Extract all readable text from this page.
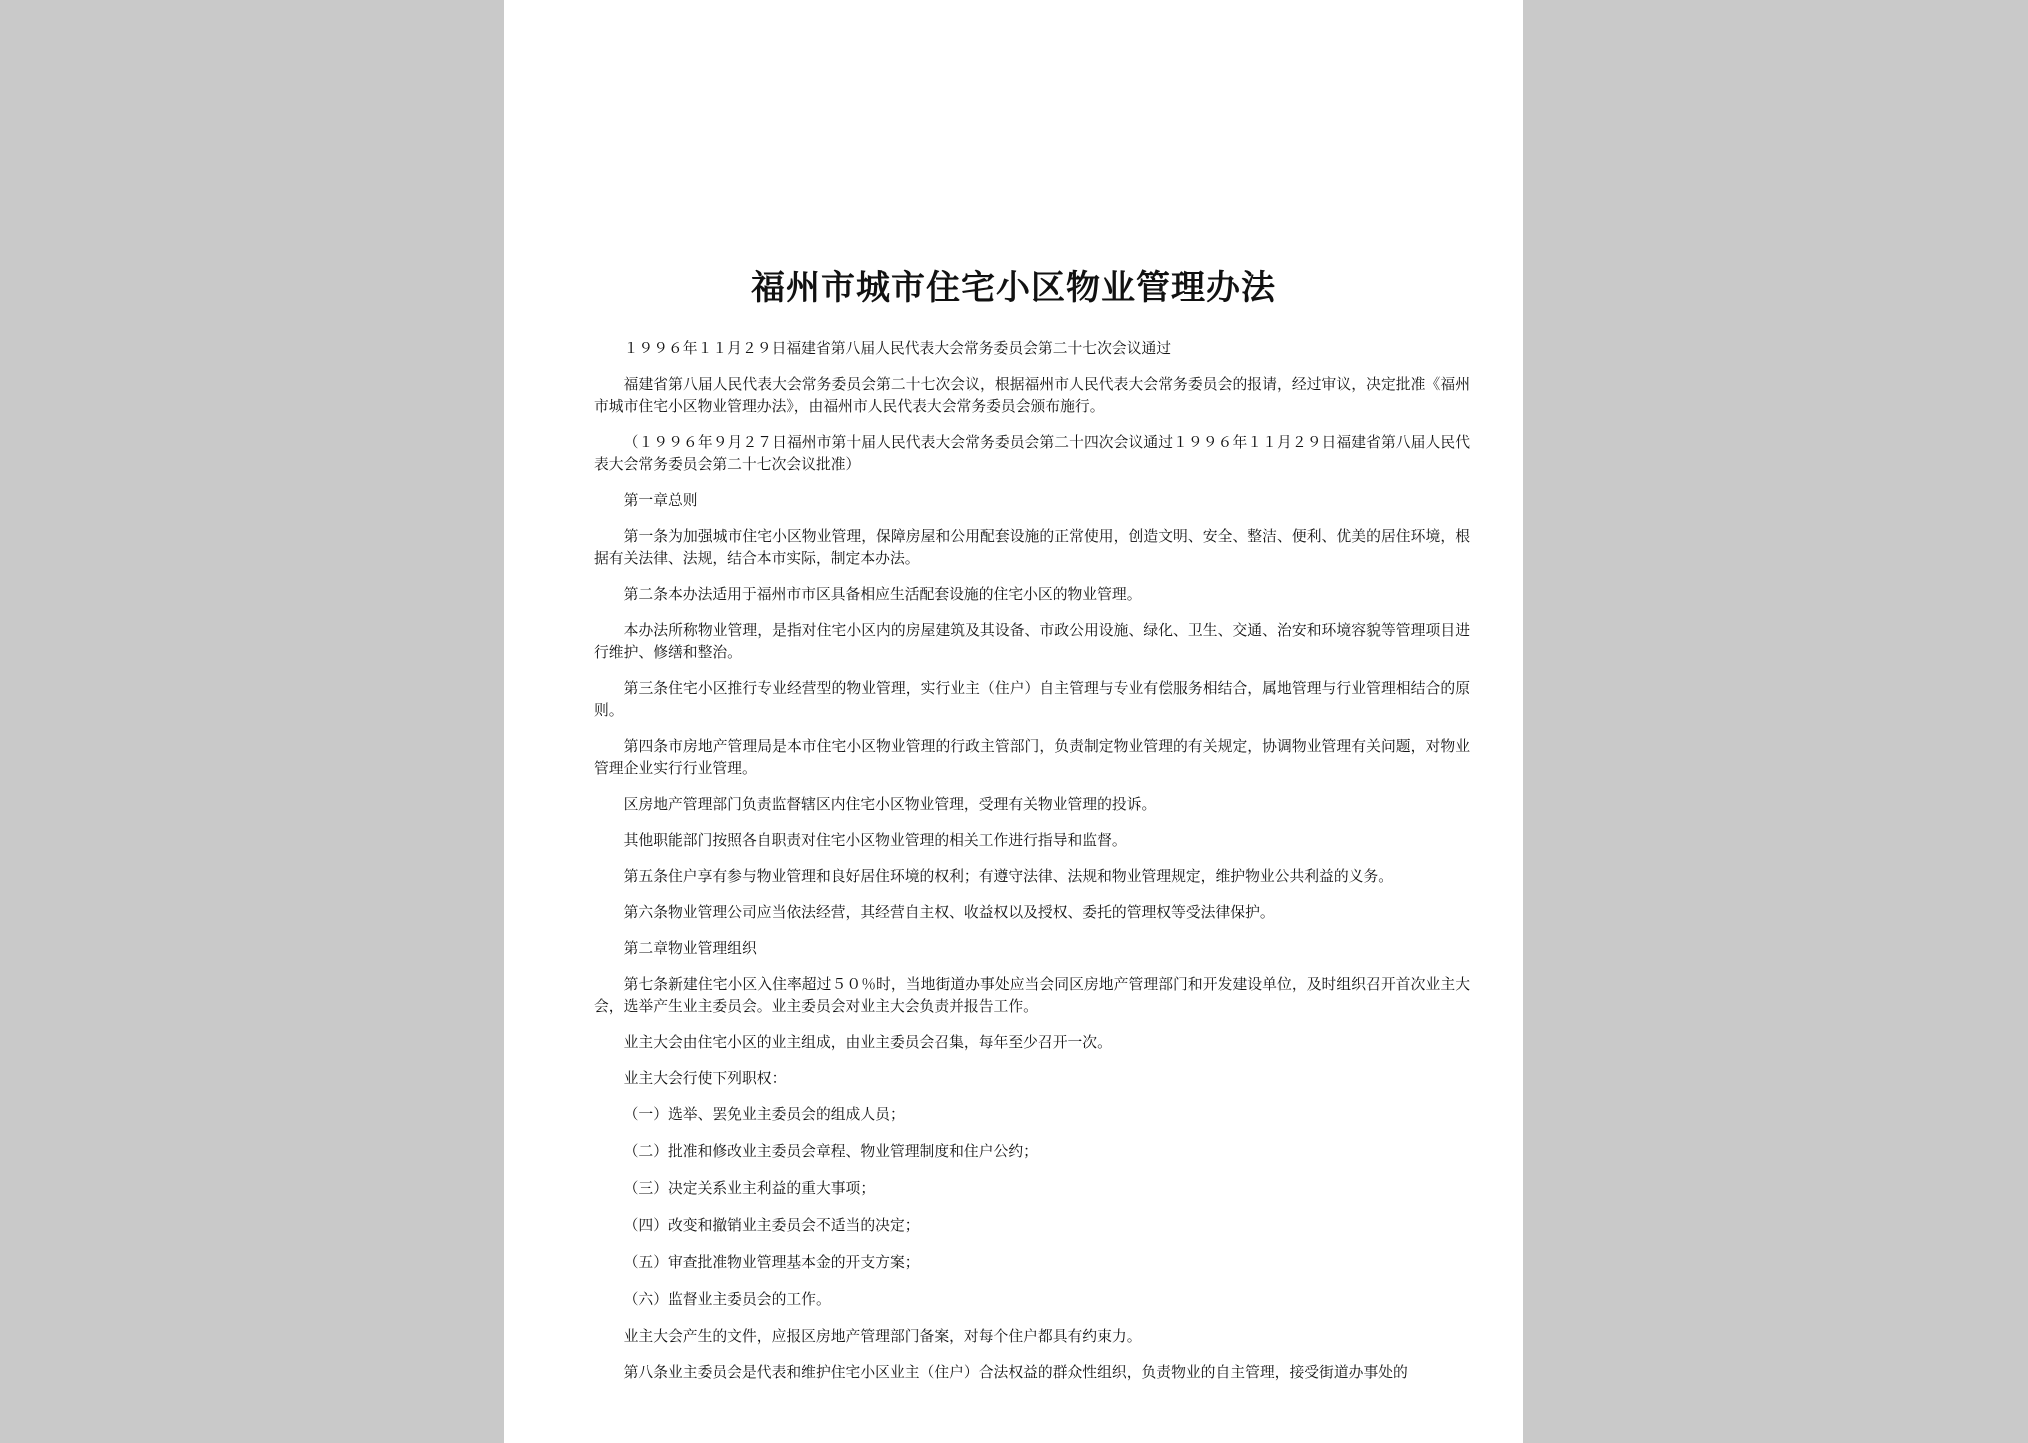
福州市城市住宅小区物业管理办法

１９９６年１１月２９日福建省第八届人民代表大会常务委员会第二十七次会议通过

福建省第八届人民代表大会常务委员会第二十七次会议，根据福州市人民代表大会常务委员会的报请，经过审议，决定批准《福州市城市住宅小区物业管理办法》，由福州市人民代表大会常务委员会颁布施行。

（１９９６年９月２７日福州市第十届人民代表大会常务委员会第二十四次会议通过１９９６年１１月２９日福建省第八届人民代表大会常务委员会第二十七次会议批准）

第一章总则

第一条为加强城市住宅小区物业管理，保障房屋和公用配套设施的正常使用，创造文明、安全、整洁、便利、优美的居住环境，根据有关法律、法规，结合本市实际，制定本办法。

第二条本办法适用于福州市市区具备相应生活配套设施的住宅小区的物业管理。

本办法所称物业管理，是指对住宅小区内的房屋建筑及其设备、市政公用设施、绿化、卫生、交通、治安和环境容貌等管理项目进行维护、修缮和整治。

第三条住宅小区推行专业经营型的物业管理，实行业主（住户）自主管理与专业有偿服务相结合，属地管理与行业管理相结合的原则。

第四条市房地产管理局是本市住宅小区物业管理的行政主管部门，负责制定物业管理的有关规定，协调物业管理有关问题，对物业管理企业实行行业管理。

区房地产管理部门负责监督辖区内住宅小区物业管理，受理有关物业管理的投诉。

其他职能部门按照各自职责对住宅小区物业管理的相关工作进行指导和监督。

第五条住户享有参与物业管理和良好居住环境的权利；有遵守法律、法规和物业管理规定，维护物业公共利益的义务。

第六条物业管理公司应当依法经营，其经营自主权、收益权以及授权、委托的管理权等受法律保护。

第二章物业管理组织

第七条新建住宅小区入住率超过５０％时，当地街道办事处应当会同区房地产管理部门和开发建设单位，及时组织召开首次业主大会，选举产生业主委员会。业主委员会对业主大会负责并报告工作。

业主大会由住宅小区的业主组成，由业主委员会召集，每年至少召开一次。

业主大会行使下列职权：

（一）选举、罢免业主委员会的组成人员；

（二）批准和修改业主委员会章程、物业管理制度和住户公约；

（三）决定关系业主利益的重大事项；

（四）改变和撤销业主委员会不适当的决定；

（五）审查批准物业管理基本金的开支方案；

（六）监督业主委员会的工作。

业主大会产生的文件，应报区房地产管理部门备案，对每个住户都具有约束力。

第八条业主委员会是代表和维护住宅小区业主（住户）合法权益的群众性组织，负责物业的自主管理，接受街道办事处的
